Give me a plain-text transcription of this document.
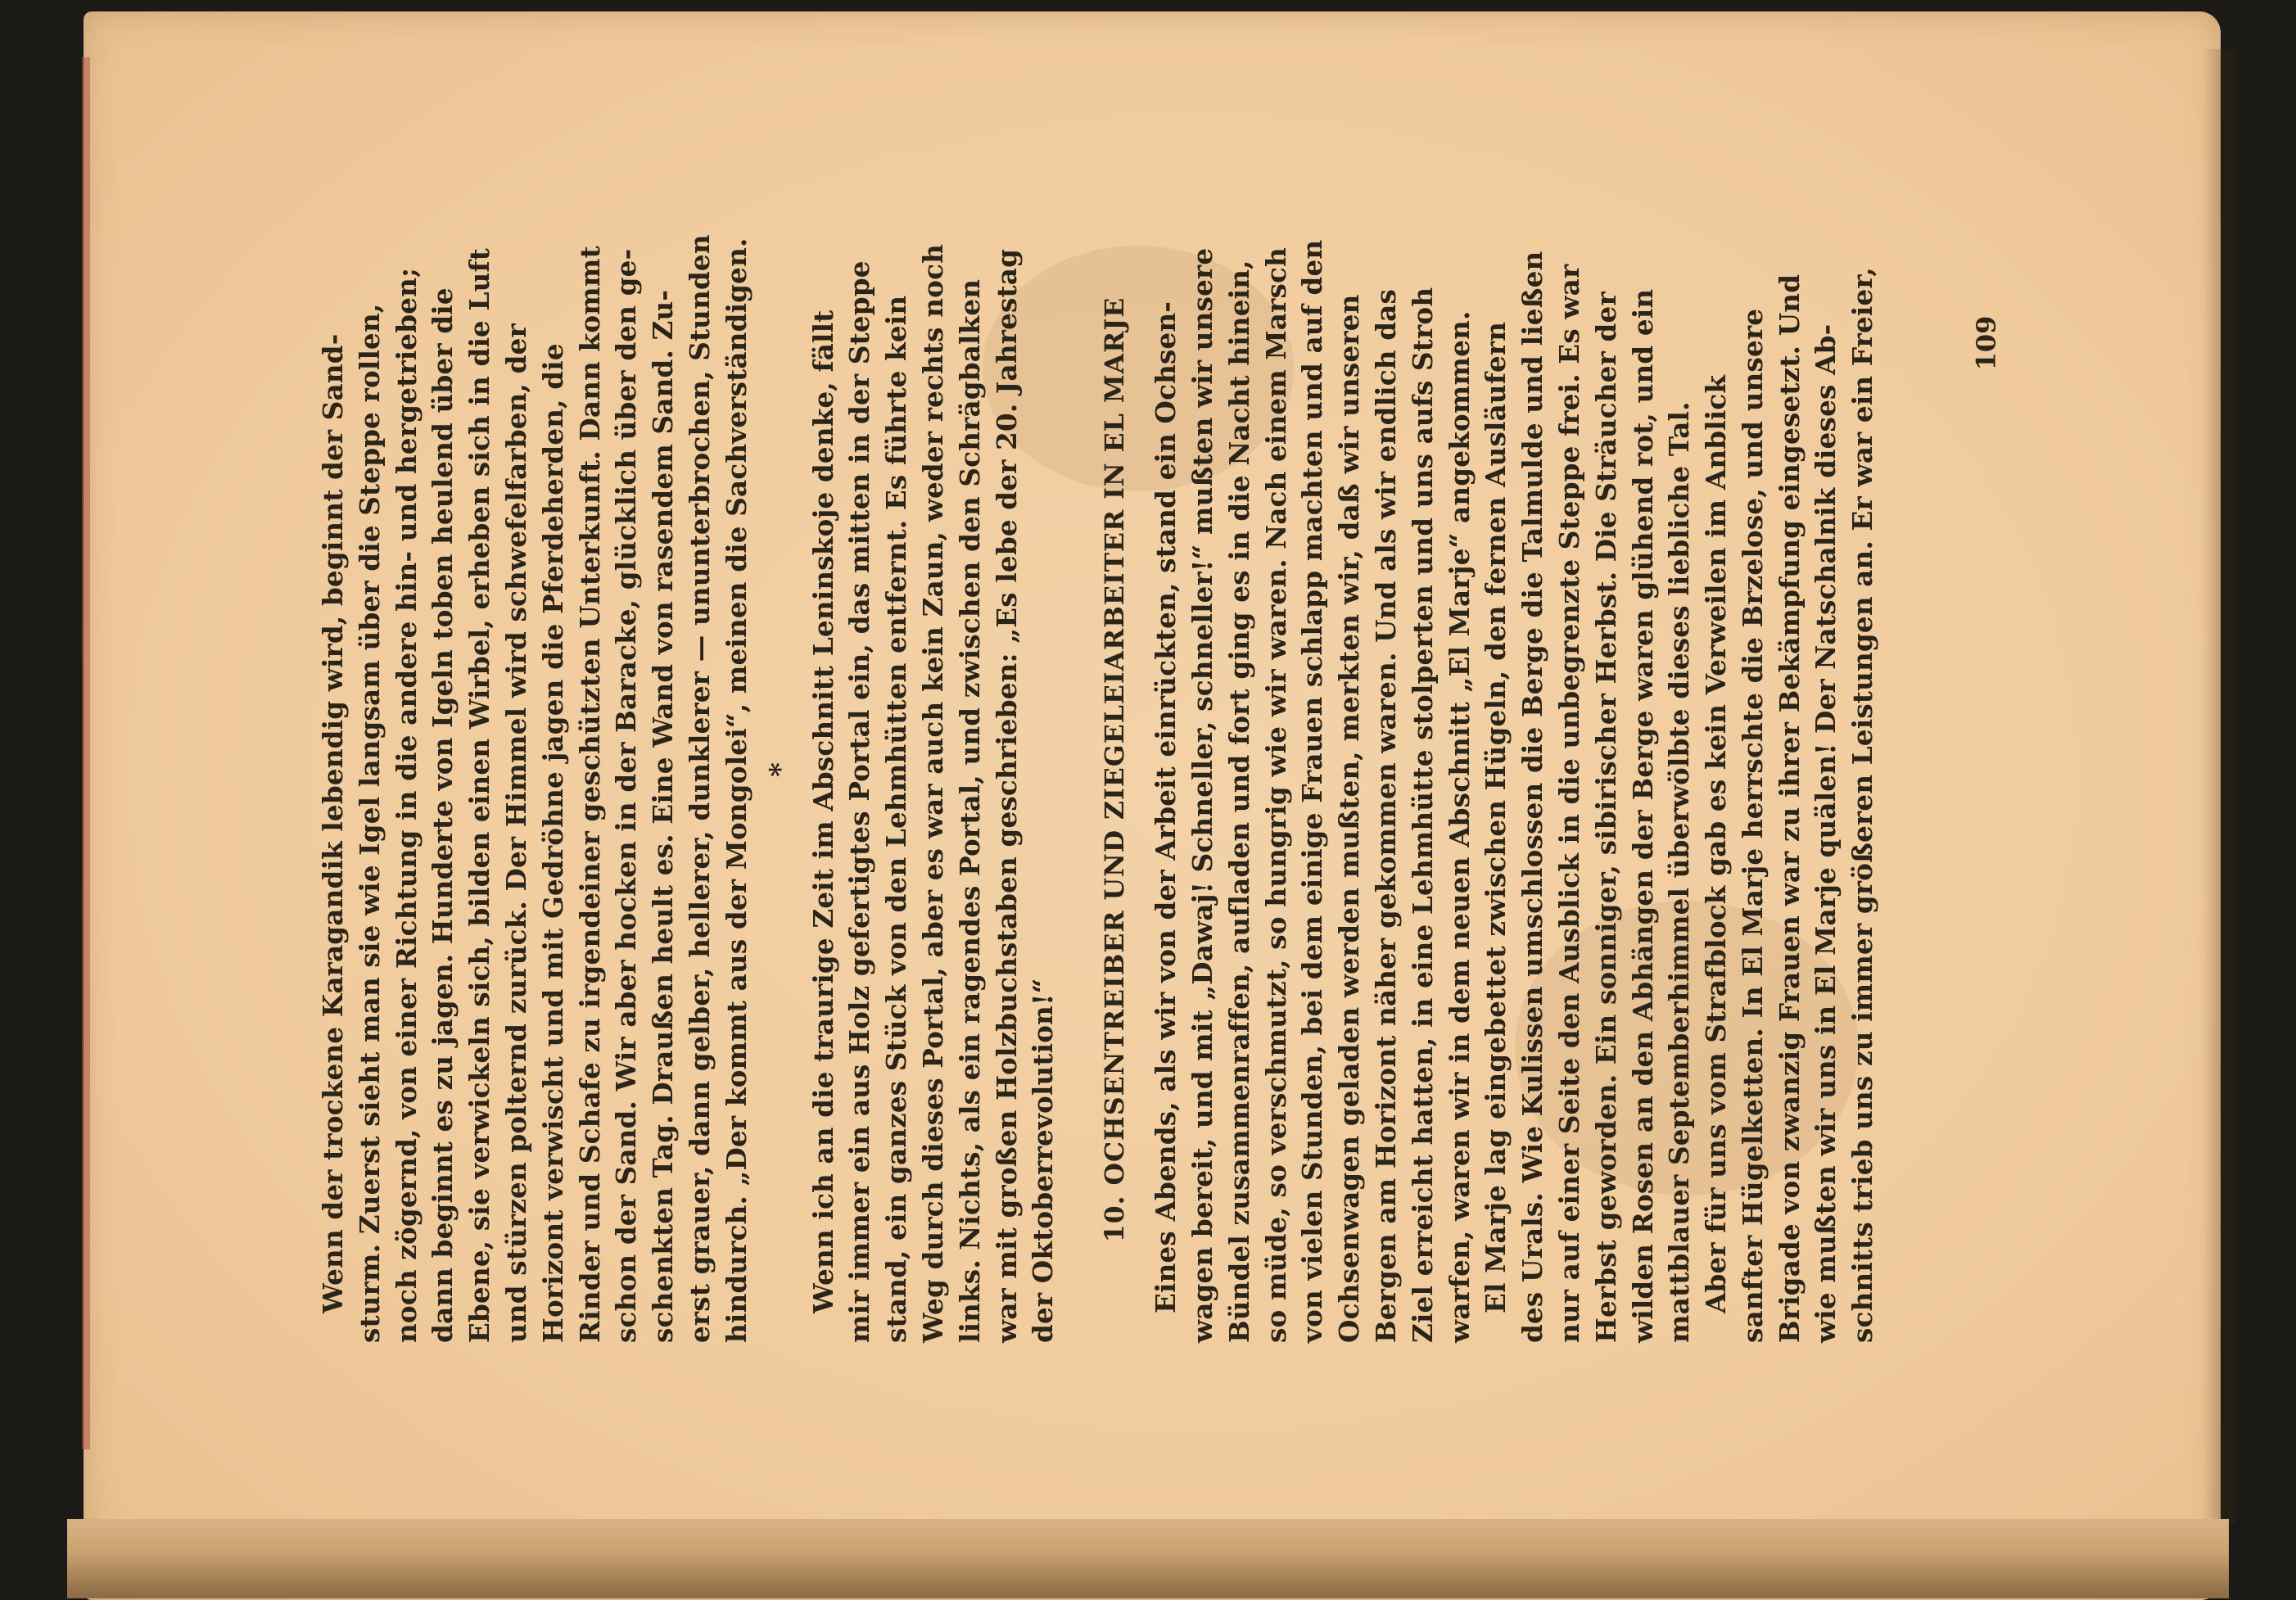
Wenn der trockene Karagandik lebendig wird, beginnt der Sand- sturm. Zuerst sieht man sie wie Igel langsam über die Steppe rollen, noch zögernd, von einer Richtung in die andere hin- und hergetrieben; dann beginnt es zu jagen. Hunderte von Igeln toben heulend über die Ebene, sie verwickeln sich, bilden einen Wirbel, erheben sich in die Luft und stürzen polternd zurück. Der Himmel wird schwefelfarben, der Horizont verwischt und mit Gedröhne jagen die Pferdeherden, die Rinder und Schafe zu irgendeiner geschützten Unterkunft. Dann kommt schon der Sand. Wir aber hocken in der Baracke, glücklich über den ge- schenkten Tag. Draußen heult es. Eine Wand von rasendem Sand. Zu- erst grauer, dann gelber, hellerer, dunklerer — ununterbrochen, Stunden hindurch. „Der kommt aus der Mongolei“, meinen die Sachverständigen. * Wenn ich an die traurige Zeit im Abschnitt Leninskoje denke, fällt mir immer ein aus Holz gefertigtes Portal ein, das mitten in der Steppe stand, ein ganzes Stück von den Lehmhütten entfernt. Es führte kein Weg durch dieses Portal, aber es war auch kein Zaun, weder rechts noch links. Nichts, als ein ragendes Portal, und zwischen den Schrägbalken war mit großen Holzbuchstaben geschrieben: „Es lebe der 20. Jahrestag der Oktoberrevolution!“ 10. OCHSENTREIBER UND ZIEGELEIARBEITER IN EL MARJE Eines Abends, als wir von der Arbeit einrückten, stand ein Ochsen- wagen bereit, und mit „Dawaj! Schneller, schneller!“ mußten wir unsere Bündel zusammenraffen, aufladen und fort ging es in die Nacht hinein, so müde, so verschmutzt, so hungrig wie wir waren. Nach einem Marsch von vielen Stunden, bei dem einige Frauen schlapp machten und auf den Ochsenwagen geladen werden mußten, merkten wir, daß wir unseren Bergen am Horizont näher gekommen waren. Und als wir endlich das Ziel erreicht hatten, in eine Lehmhütte stolperten und uns aufs Stroh warfen, waren wir in dem neuen Abschnitt „El Marje“ angekommen. El Marje lag eingebettet zwischen Hügeln, den fernen Ausläufern des Urals. Wie Kulissen umschlossen die Berge die Talmulde und ließen nur auf einer Seite den Ausblick in die unbegrenzte Steppe frei. Es war Herbst geworden. Ein sonniger, sibirischer Herbst. Die Sträucher der wilden Rosen an den Abhängen der Berge waren glühend rot, und ein mattblauer Septemberhimmel überwölbte dieses liebliche Tal. Aber für uns vom Strafblock gab es kein Verweilen im Anblick sanfter Hügelketten. In El Marje herrschte die Brzelose, und unsere Brigade von zwanzig Frauen war zu ihrer Bekämpfung eingesetzt. Und wie mußten wir uns in El Marje quälen! Der Natschalnik dieses Ab- schnitts trieb uns zu immer größeren Leistungen an. Er war ein Freier,	109
